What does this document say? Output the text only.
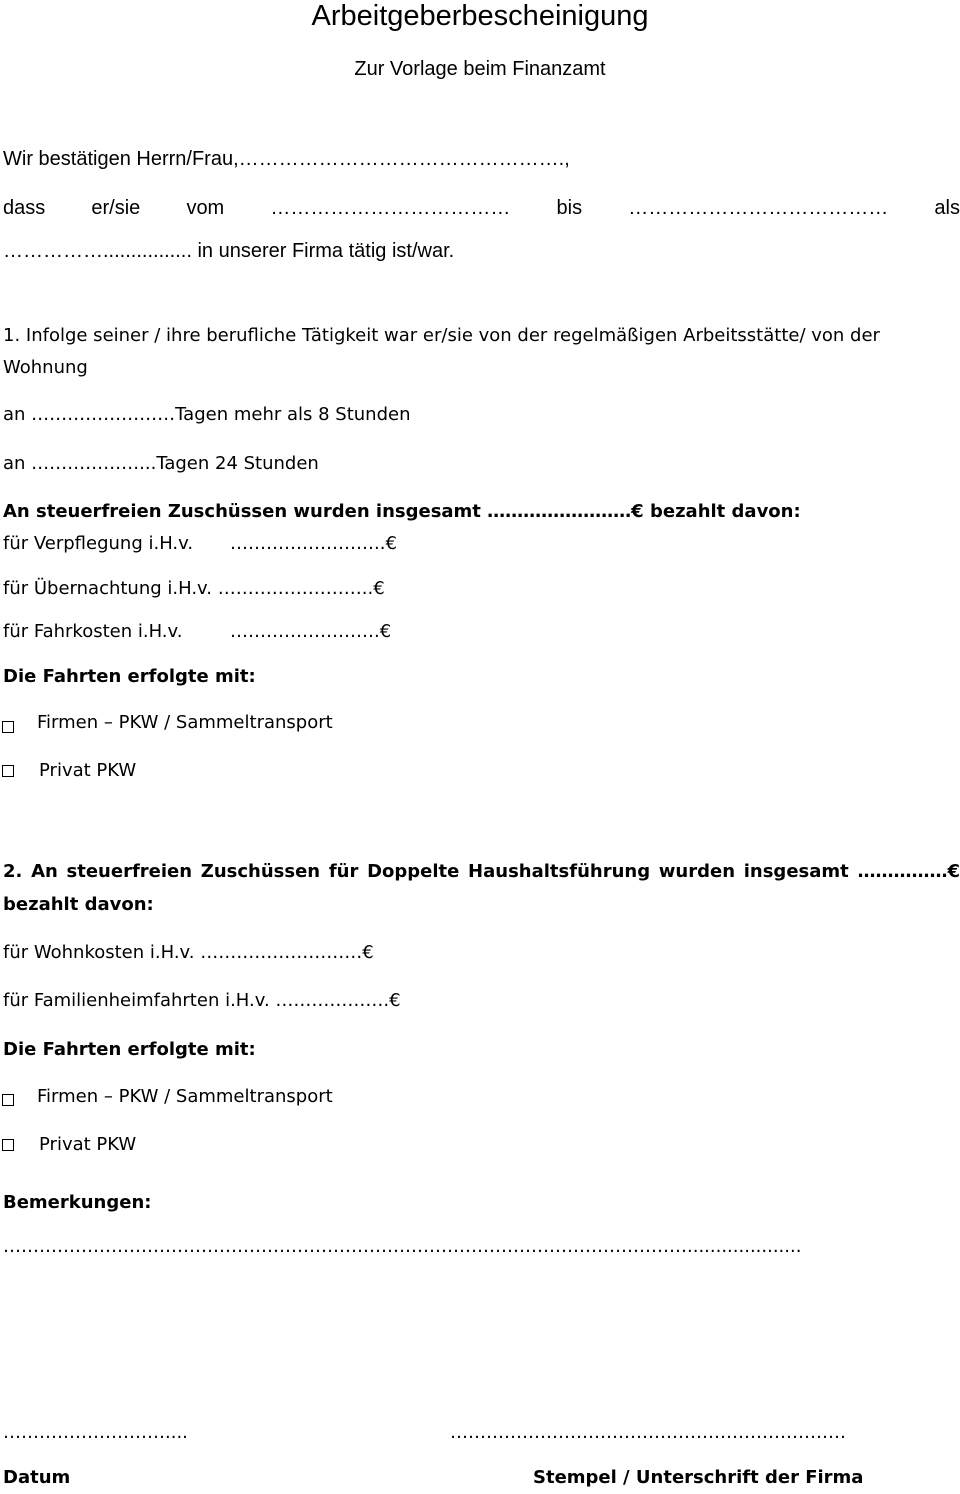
Arbeitgeberbescheinigung
Zur Vorlage beim Finanzamt
Wir bestätigen Herrn/Frau,………………………………………….,
dass er/sie vom ……………………………… bis ………………………………… als
……………................ in unserer Firma tätig ist/war.
1. Infolge seiner / ihre berufliche Tätigkeit war er/sie von der regelmäßigen Arbeitsstätte/ von der
Wohnung
an ……………………Tagen mehr als 8 Stunden
an ………………...Tagen 24 Stunden
An steuerfreien Zuschüssen wurden insgesamt ……………………€ bezahlt davon:
für Verpflegung i.H.v. ……………………..€
für Übernachtung i.H.v. ……………………..€
für Fahrkosten i.H.v.	…………………….€
Die Fahrten erfolgte mit:
Firmen – PKW / Sammeltransport
Privat PKW
2. An steuerfreien Zuschüssen für Doppelte Haushaltsführung wurden insgesamt ……………€
bezahlt davon:
für Wohnkosten i.H.v. ………………………€
für Familienheimfahrten i.H.v. ……………….€
Die Fahrten erfolgte mit:
Firmen – PKW / Sammeltransport
Privat PKW
Bemerkungen:
……………………………………………………………………………………………………....................
………………………....	…………………………………………………………
Datum	Stempel / Unterschrift der Firma
